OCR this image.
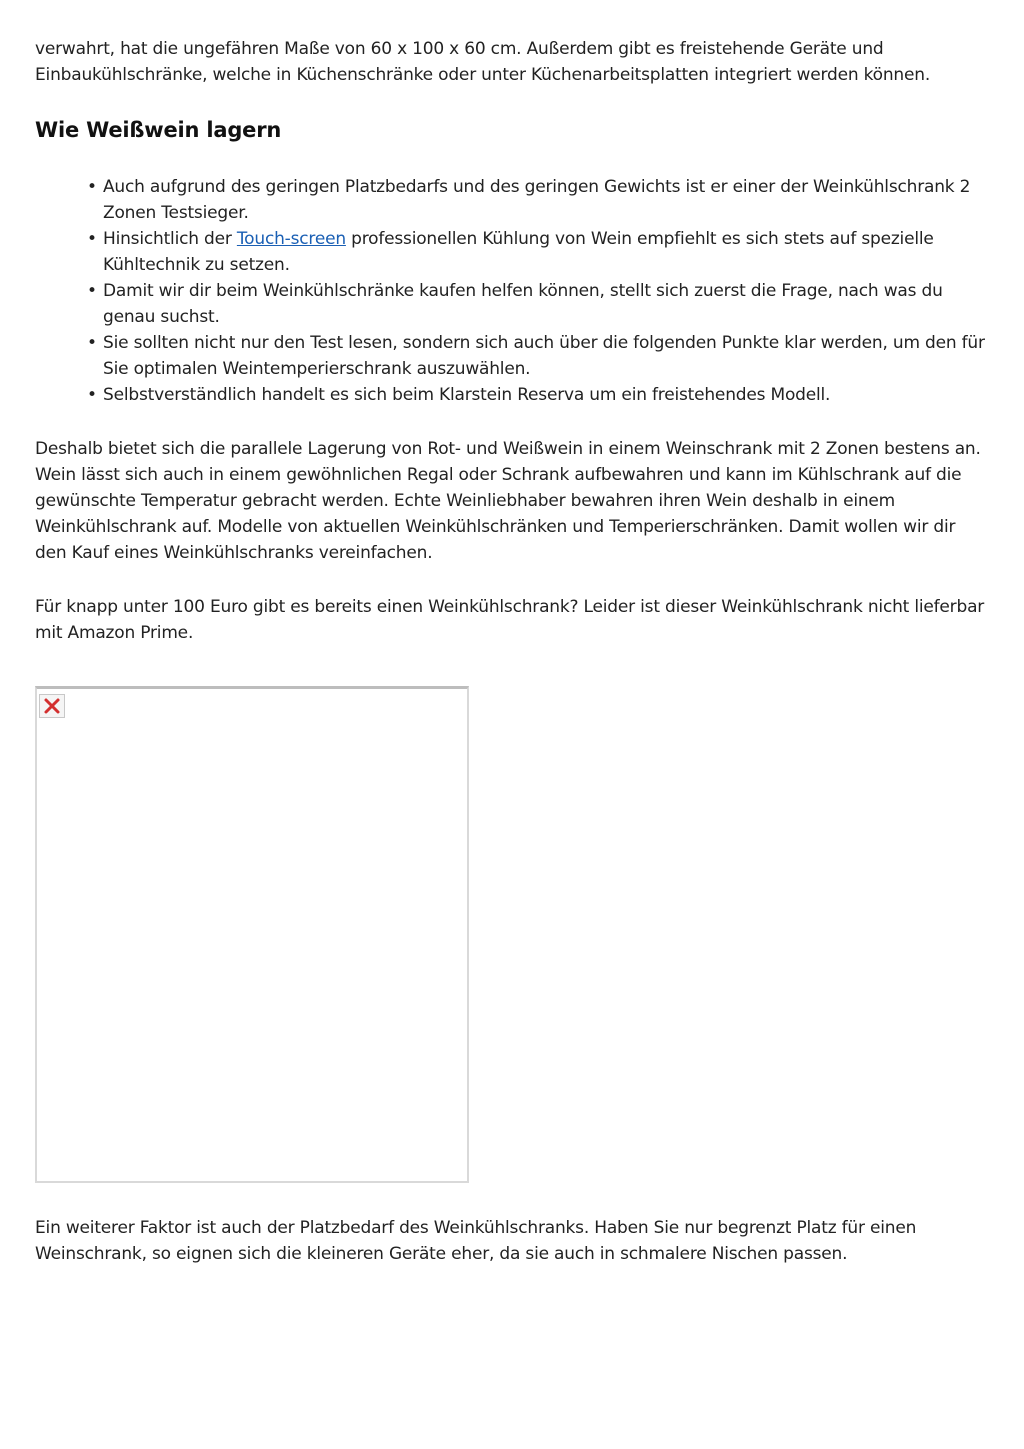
verwahrt, hat die ungefähren Maße von 60 x 100 x 60 cm. Außerdem gibt es freistehende Geräte und Einbaukühlschränke, welche in Küchenschränke oder unter Küchenarbeitsplatten integriert werden können.

Wie Weißwein lagern
• Auch aufgrund des geringen Platzbedarfs und des geringen Gewichts ist er einer der Weinkühlschrank 2 Zonen Testsieger.
• Hinsichtlich der Touch-screen professionellen Kühlung von Wein empfiehlt es sich stets auf spezielle Kühltechnik zu setzen.
• Damit wir dir beim Weinkühlschränke kaufen helfen können, stellt sich zuerst die Frage, nach was du genau suchst.
• Sie sollten nicht nur den Test lesen, sondern sich auch über die folgenden Punkte klar werden, um den für Sie optimalen Weintemperierschrank auszuwählen.
• Selbstverständlich handelt es sich beim Klarstein Reserva um ein freistehendes Modell.

Deshalb bietet sich die parallele Lagerung von Rot- und Weißwein in einem Weinschrank mit 2 Zonen bestens an. Wein lässt sich auch in einem gewöhnlichen Regal oder Schrank aufbewahren und kann im Kühlschrank auf die gewünschte Temperatur gebracht werden. Echte Weinliebhaber bewahren ihren Wein deshalb in einem Weinkühlschrank auf. Modelle von aktuellen Weinkühlschränken und Temperierschränken. Damit wollen wir dir den Kauf eines Weinkühlschranks vereinfachen.

Für knapp unter 100 Euro gibt es bereits einen Weinkühlschrank? Leider ist dieser Weinkühlschrank nicht lieferbar mit Amazon Prime.

Ein weiterer Faktor ist auch der Platzbedarf des Weinkühlschranks. Haben Sie nur begrenzt Platz für einen Weinschrank, so eignen sich die kleineren Geräte eher, da sie auch in schmalere Nischen passen.
